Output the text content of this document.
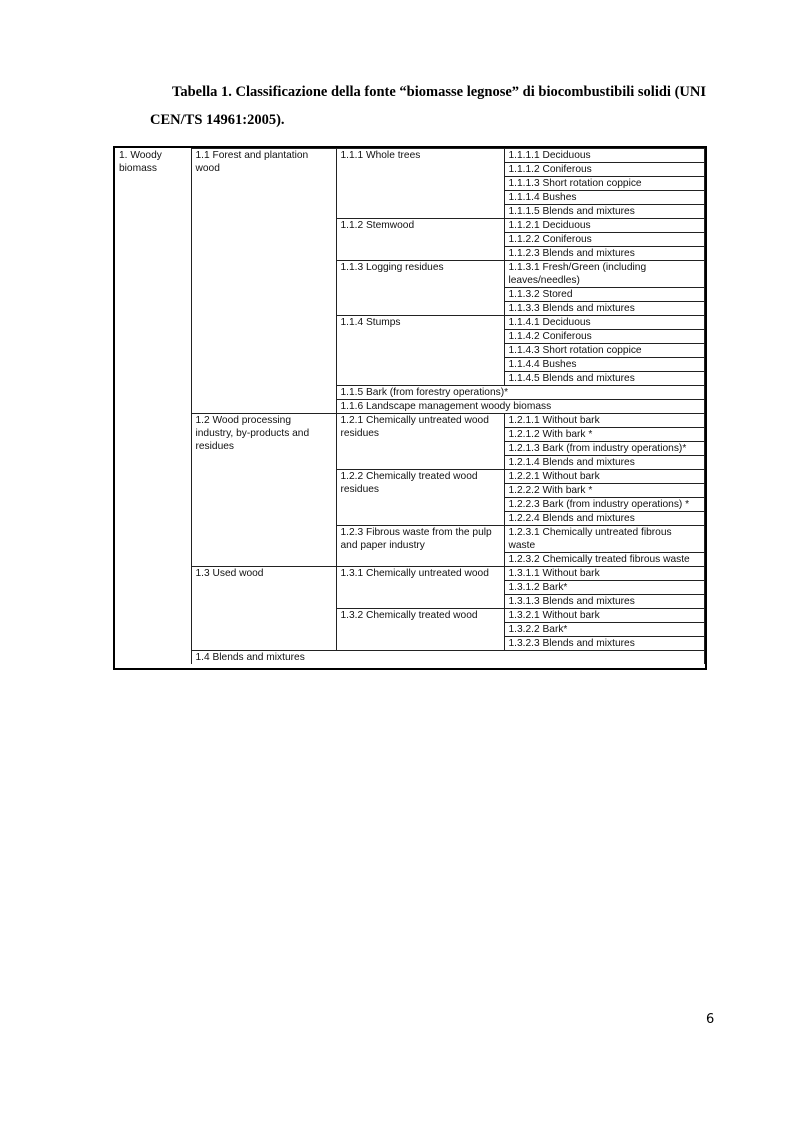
Tabella 1. Classificazione della fonte “biomasse legnose” di biocombustibili solidi (UNI CEN/TS 14961:2005).
1. Woody biomass	1.1 Forest and plantation wood	1.1.1 Whole trees	1.1.1.1 Deciduous
			1.1.1.2 Coniferous
			1.1.1.3 Short rotation coppice
			1.1.1.4 Bushes
			1.1.1.5 Blends and mixtures
		1.1.2 Stemwood	1.1.2.1 Deciduous
			1.1.2.2 Coniferous
			1.1.2.3 Blends and mixtures
		1.1.3 Logging residues	1.1.3.1 Fresh/Green (including leaves/needles)
			1.1.3.2 Stored
			1.1.3.3 Blends and mixtures
		1.1.4 Stumps	1.1.4.1 Deciduous
			1.1.4.2 Coniferous
			1.1.4.3 Short rotation coppice
			1.1.4.4 Bushes
			1.1.4.5 Blends and mixtures
		1.1.5 Bark (from forestry operations)*	
		1.1.6 Landscape management woody biomass	
	1.2 Wood processing industry, by-products and residues	1.2.1 Chemically untreated wood residues	1.2.1.1 Without bark
			1.2.1.2 With bark *
			1.2.1.3 Bark (from industry operations)*
			1.2.1.4 Blends and mixtures
		1.2.2 Chemically treated wood residues	1.2.2.1 Without bark
			1.2.2.2 With bark *
			1.2.2.3 Bark (from industry operations) *
			1.2.2.4 Blends and mixtures
		1.2.3 Fibrous waste from the pulp and paper industry	1.2.3.1 Chemically untreated fibrous waste
			1.2.3.2 Chemically treated fibrous waste
	1.3 Used wood	1.3.1 Chemically untreated wood	1.3.1.1 Without bark
			1.3.1.2 Bark*
			1.3.1.3 Blends and mixtures
		1.3.2 Chemically treated wood	1.3.2.1 Without bark
			1.3.2.2 Bark*
			1.3.2.3 Blends and mixtures
	1.4 Blends and mixtures		
6
